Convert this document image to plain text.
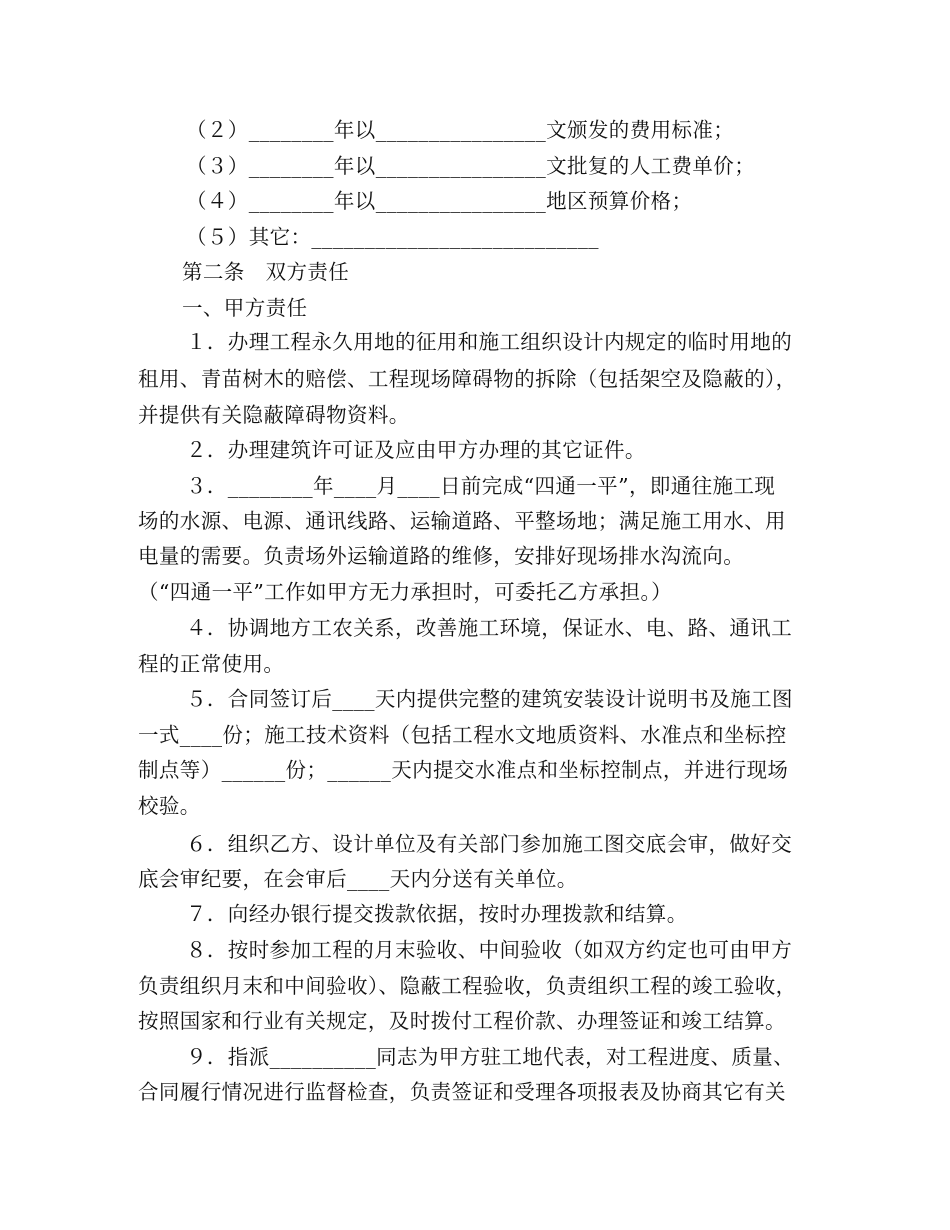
（２）________年以________________文颁发的费用标准；
（３）________年以________________文批复的人工费单价；
（４）________年以________________地区预算价格；
（５）其它：___________________________
第二条　双方责任
一、甲方责任
１．办理工程永久用地的征用和施工组织设计内规定的临时用地的
租用、青苗树木的赔偿、工程现场障碍物的拆除（包括架空及隐蔽的），
并提供有关隐蔽障碍物资料。
２．办理建筑许可证及应由甲方办理的其它证件。
３．________年____月____日前完成“四通一平”，即通往施工现
场的水源、电源、通讯线路、运输道路、平整场地；满足施工用水、用
电量的需要。负责场外运输道路的维修，安排好现场排水沟流向。
（“四通一平”工作如甲方无力承担时，可委托乙方承担。）
４．协调地方工农关系，改善施工环境，保证水、电、路、通讯工
程的正常使用。
５．合同签订后____天内提供完整的建筑安装设计说明书及施工图
一式____份；施工技术资料（包括工程水文地质资料、水准点和坐标控
制点等）______份；______天内提交水准点和坐标控制点，并进行现场
校验。
６．组织乙方、设计单位及有关部门参加施工图交底会审，做好交
底会审纪要，在会审后____天内分送有关单位。
７．向经办银行提交拨款依据，按时办理拨款和结算。
８．按时参加工程的月末验收、中间验收（如双方约定也可由甲方
负责组织月末和中间验收）、隐蔽工程验收，负责组织工程的竣工验收，
按照国家和行业有关规定，及时拨付工程价款、办理签证和竣工结算。
９．指派__________同志为甲方驻工地代表，对工程进度、质量、
合同履行情况进行监督检查，负责签证和受理各项报表及协商其它有关
